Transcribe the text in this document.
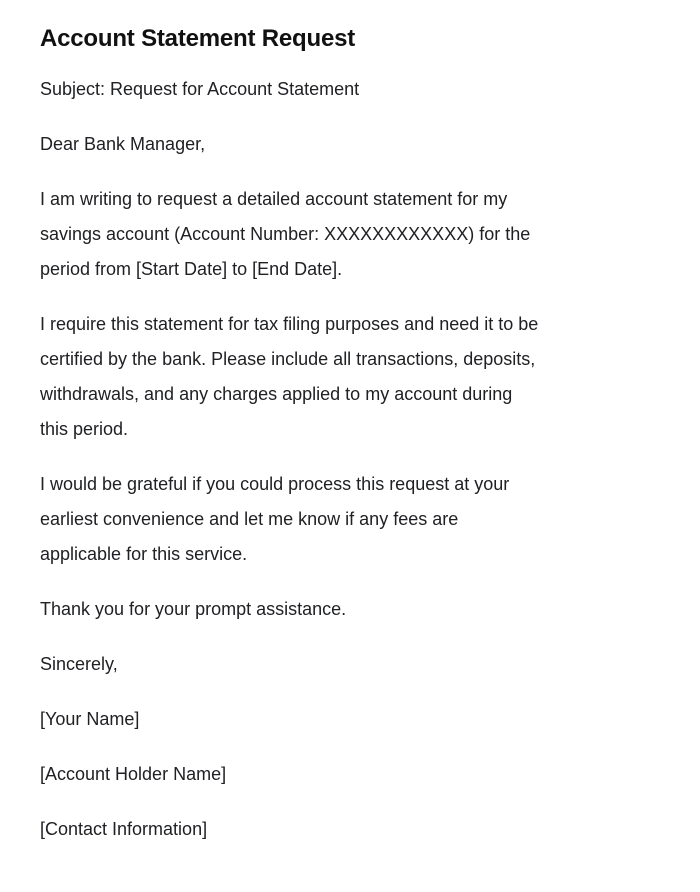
Account Statement Request

Subject: Request for Account Statement

Dear Bank Manager,

I am writing to request a detailed account statement for my
savings account (Account Number: XXXXXXXXXXXX) for the
period from [Start Date] to [End Date].

I require this statement for tax filing purposes and need it to be
certified by the bank. Please include all transactions, deposits,
withdrawals, and any charges applied to my account during
this period.

I would be grateful if you could process this request at your
earliest convenience and let me know if any fees are
applicable for this service.

Thank you for your prompt assistance.

Sincerely,

[Your Name]

[Account Holder Name]

[Contact Information]
